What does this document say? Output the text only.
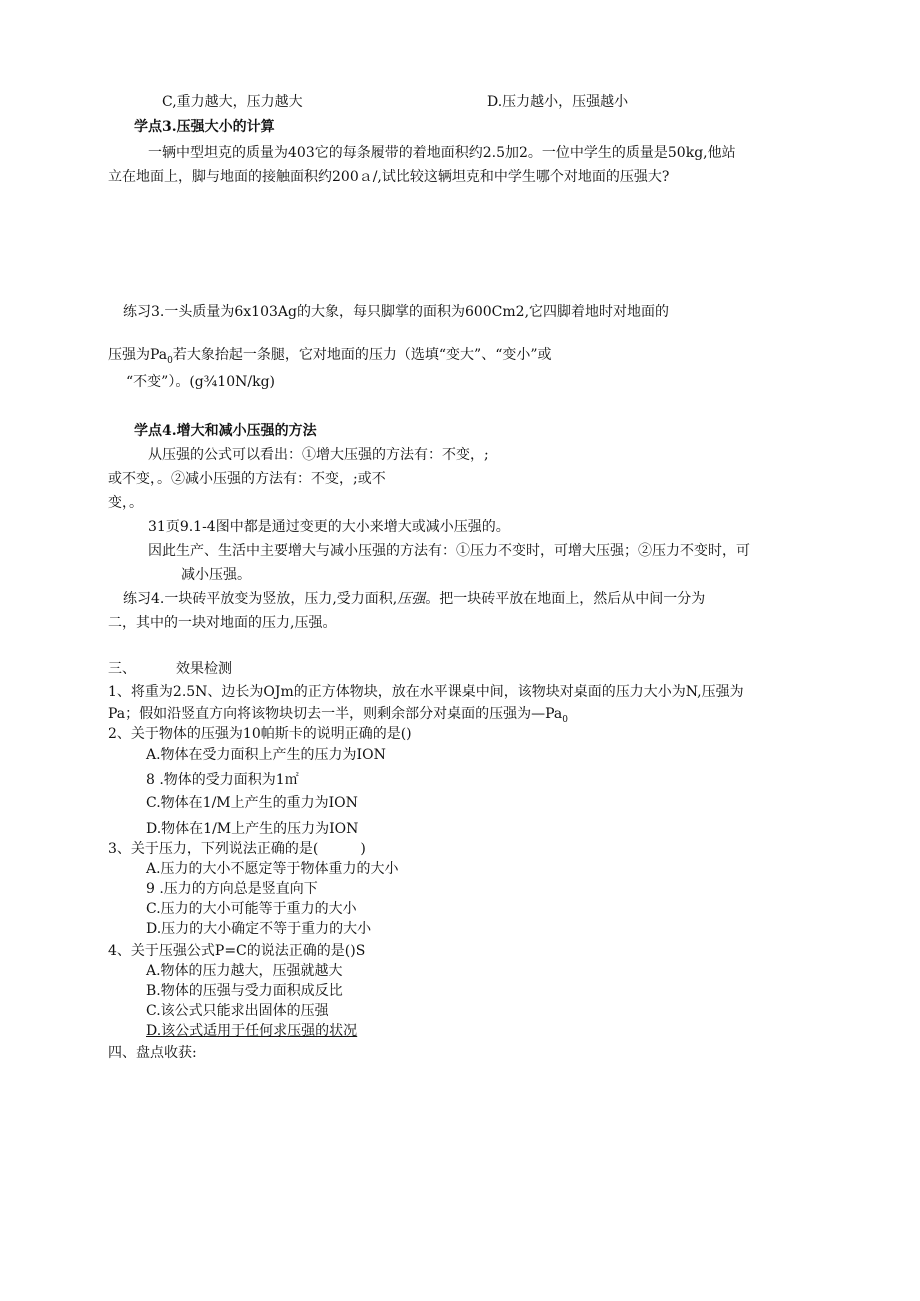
C,重力越大，压力越大	D.压力越小，压强越小
学点3.压强大小的计算
一辆中型坦克的质量为403它的每条履带的着地面积约2.5加2。一位中学生的质量是50kg,他站
立在地面上，脚与地面的接触面积约200ａ/,试比较这辆坦克和中学生哪个对地面的压强大?
练习3.一头质量为6x103Ag的大象，每只脚掌的面积为600Cm2,它四脚着地时对地面的
压强为$Pa_0$若大象抬起一条腿，它对地面的压力（选填“变大”、“变小”或
“不变”）。(g¾10N/kg)
学点4.增大和减小压强的方法
从压强的公式可以看出：①增大压强的方法有：不变，;
或不变，。②减小压强的方法有：不变，;或不
变，。
31页9.1-4图中都是通过变更的大小来增大或减小压强的。
因此生产、生活中主要增大与减小压强的方法有：①压力不变时，可增大压强；②压力不变时，可
减小压强。
练习4.一块砖平放变为竖放，压力,受力面积,压强。把一块砖平放在地面上，然后从中间一分为
二，其中的一块对地面的压力,压强。
三、	效果检测
1、将重为2.5N、边长为OJm的正方体物块，放在水平课桌中间，该物块对桌面的压力大小为N,压强为
Pa；假如沿竖直方向将该物块切去一半，则剩余部分对桌面的压强为$—Pa_0$
2、关于物体的压强为10帕斯卡的说明正确的是()
A.物体在受力面积上产生的压力为ION
8 .物体的受力面积为1㎡
C.物体在1/M上产生的重力为ION
D.物体在1/M上产生的压力为ION
3、关于压力，下列说法正确的是(　　　)
A.压力的大小不愿定等于物体重力的大小
9 .压力的方向总是竖直向下
C.压力的大小可能等于重力的大小
D.压力的大小确定不等于重力的大小
4、关于压强公式P=C的说法正确的是()S
A.物体的压力越大，压强就越大
B.物体的压强与受力面积成反比
C.该公式只能求出固体的压强
D.该公式适用于任何求压强的状况
四、盘点收获:
